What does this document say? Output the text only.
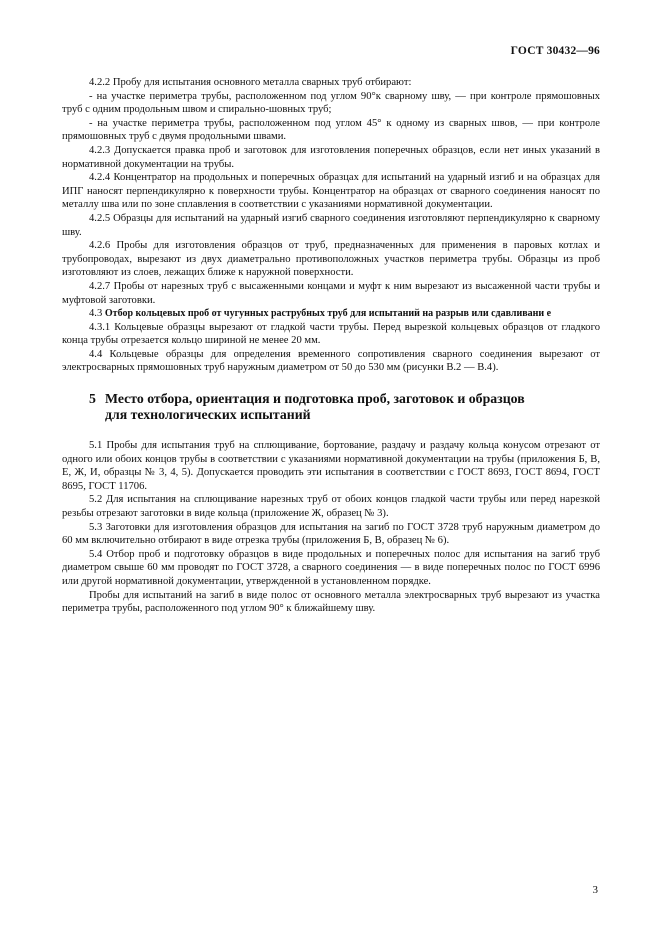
ГОСТ 30432—96

4.2.2 Пробу для испытания основного металла сварных труб отбирают:

- на участке периметра трубы, расположенном под углом 90°к сварному шву, — при контроле прямошовных труб с одним продольным швом и спирально-шовных труб;

- на участке периметра трубы, расположенном под углом 45° к одному из сварных швов, — при контроле прямошовных труб с двумя продольными швами.

4.2.3 Допускается правка проб и заготовок для изготовления поперечных образцов, если нет иных указаний в нормативной документации на трубы.

4.2.4 Концентратор на продольных и поперечных образцах для испытаний на ударный изгиб и на образцах для ИПГ наносят перпендикулярно к поверхности трубы. Концентратор на образцах от сварного соединения наносят по металлу шва или по зоне сплавления в соответствии с указаниями нормативной документации.

4.2.5 Образцы для испытаний на ударный изгиб сварного соединения изготовляют перпендикулярно к сварному шву.

4.2.6 Пробы для изготовления образцов от труб, предназначенных для применения в паровых котлах и трубопроводах, вырезают из двух диаметрально противоположных участков периметра трубы. Образцы из проб изготовляют из слоев, лежащих ближе к наружной поверхности.

4.2.7 Пробы от нарезных труб с высаженными концами и муфт к ним вырезают из высаженной части трубы и муфтовой заготовки.

4.3 Отбор кольцевых проб от чугунных раструбных труб для испытаний на разрыв или сдавливани е

4.3.1 Кольцевые образцы вырезают от гладкой части трубы. Перед вырезкой кольцевых образцов от гладкого конца трубы отрезается кольцо шириной не менее 20 мм.

4.4 Кольцевые образцы для определения временного сопротивления сварного соединения вырезают от электросварных прямошовных труб наружным диаметром от 50 до 530 мм (рисунки В.2 — В.4).

5 Место отбора, ориентация и подготовка проб, заготовок и образцов
для технологических испытаний

5.1 Пробы для испытания труб на сплющивание, бортование, раздачу и раздачу кольца конусом отрезают от одного или обоих концов трубы в соответствии с указаниями нормативной документации на трубы (приложения Б, В, Е, Ж, И, образцы № 3, 4, 5). Допускается проводить эти испытания в соответствии с ГОСТ 8693, ГОСТ 8694, ГОСТ 8695, ГОСТ 11706.

5.2 Для испытания на сплющивание нарезных труб от обоих концов гладкой части трубы или перед нарезкой резьбы отрезают заготовки в виде кольца (приложение Ж, образец № 3).

5.3 Заготовки для изготовления образцов для испытания на загиб по ГОСТ 3728 труб наружным диаметром до 60 мм включительно отбирают в виде отрезка трубы (приложения Б, В, образец № 6).

5.4 Отбор проб и подготовку образцов в виде продольных и поперечных полос для испытания на загиб труб диаметром свыше 60 мм проводят по ГОСТ 3728, а сварного соединения — в виде поперечных полос по ГОСТ 6996 или другой нормативной документации, утвержденной в установленном порядке.

Пробы для испытаний на загиб в виде полос от основного металла электросварных труб вырезают из участка периметра трубы, расположенного под углом 90° к ближайшему шву.

3
